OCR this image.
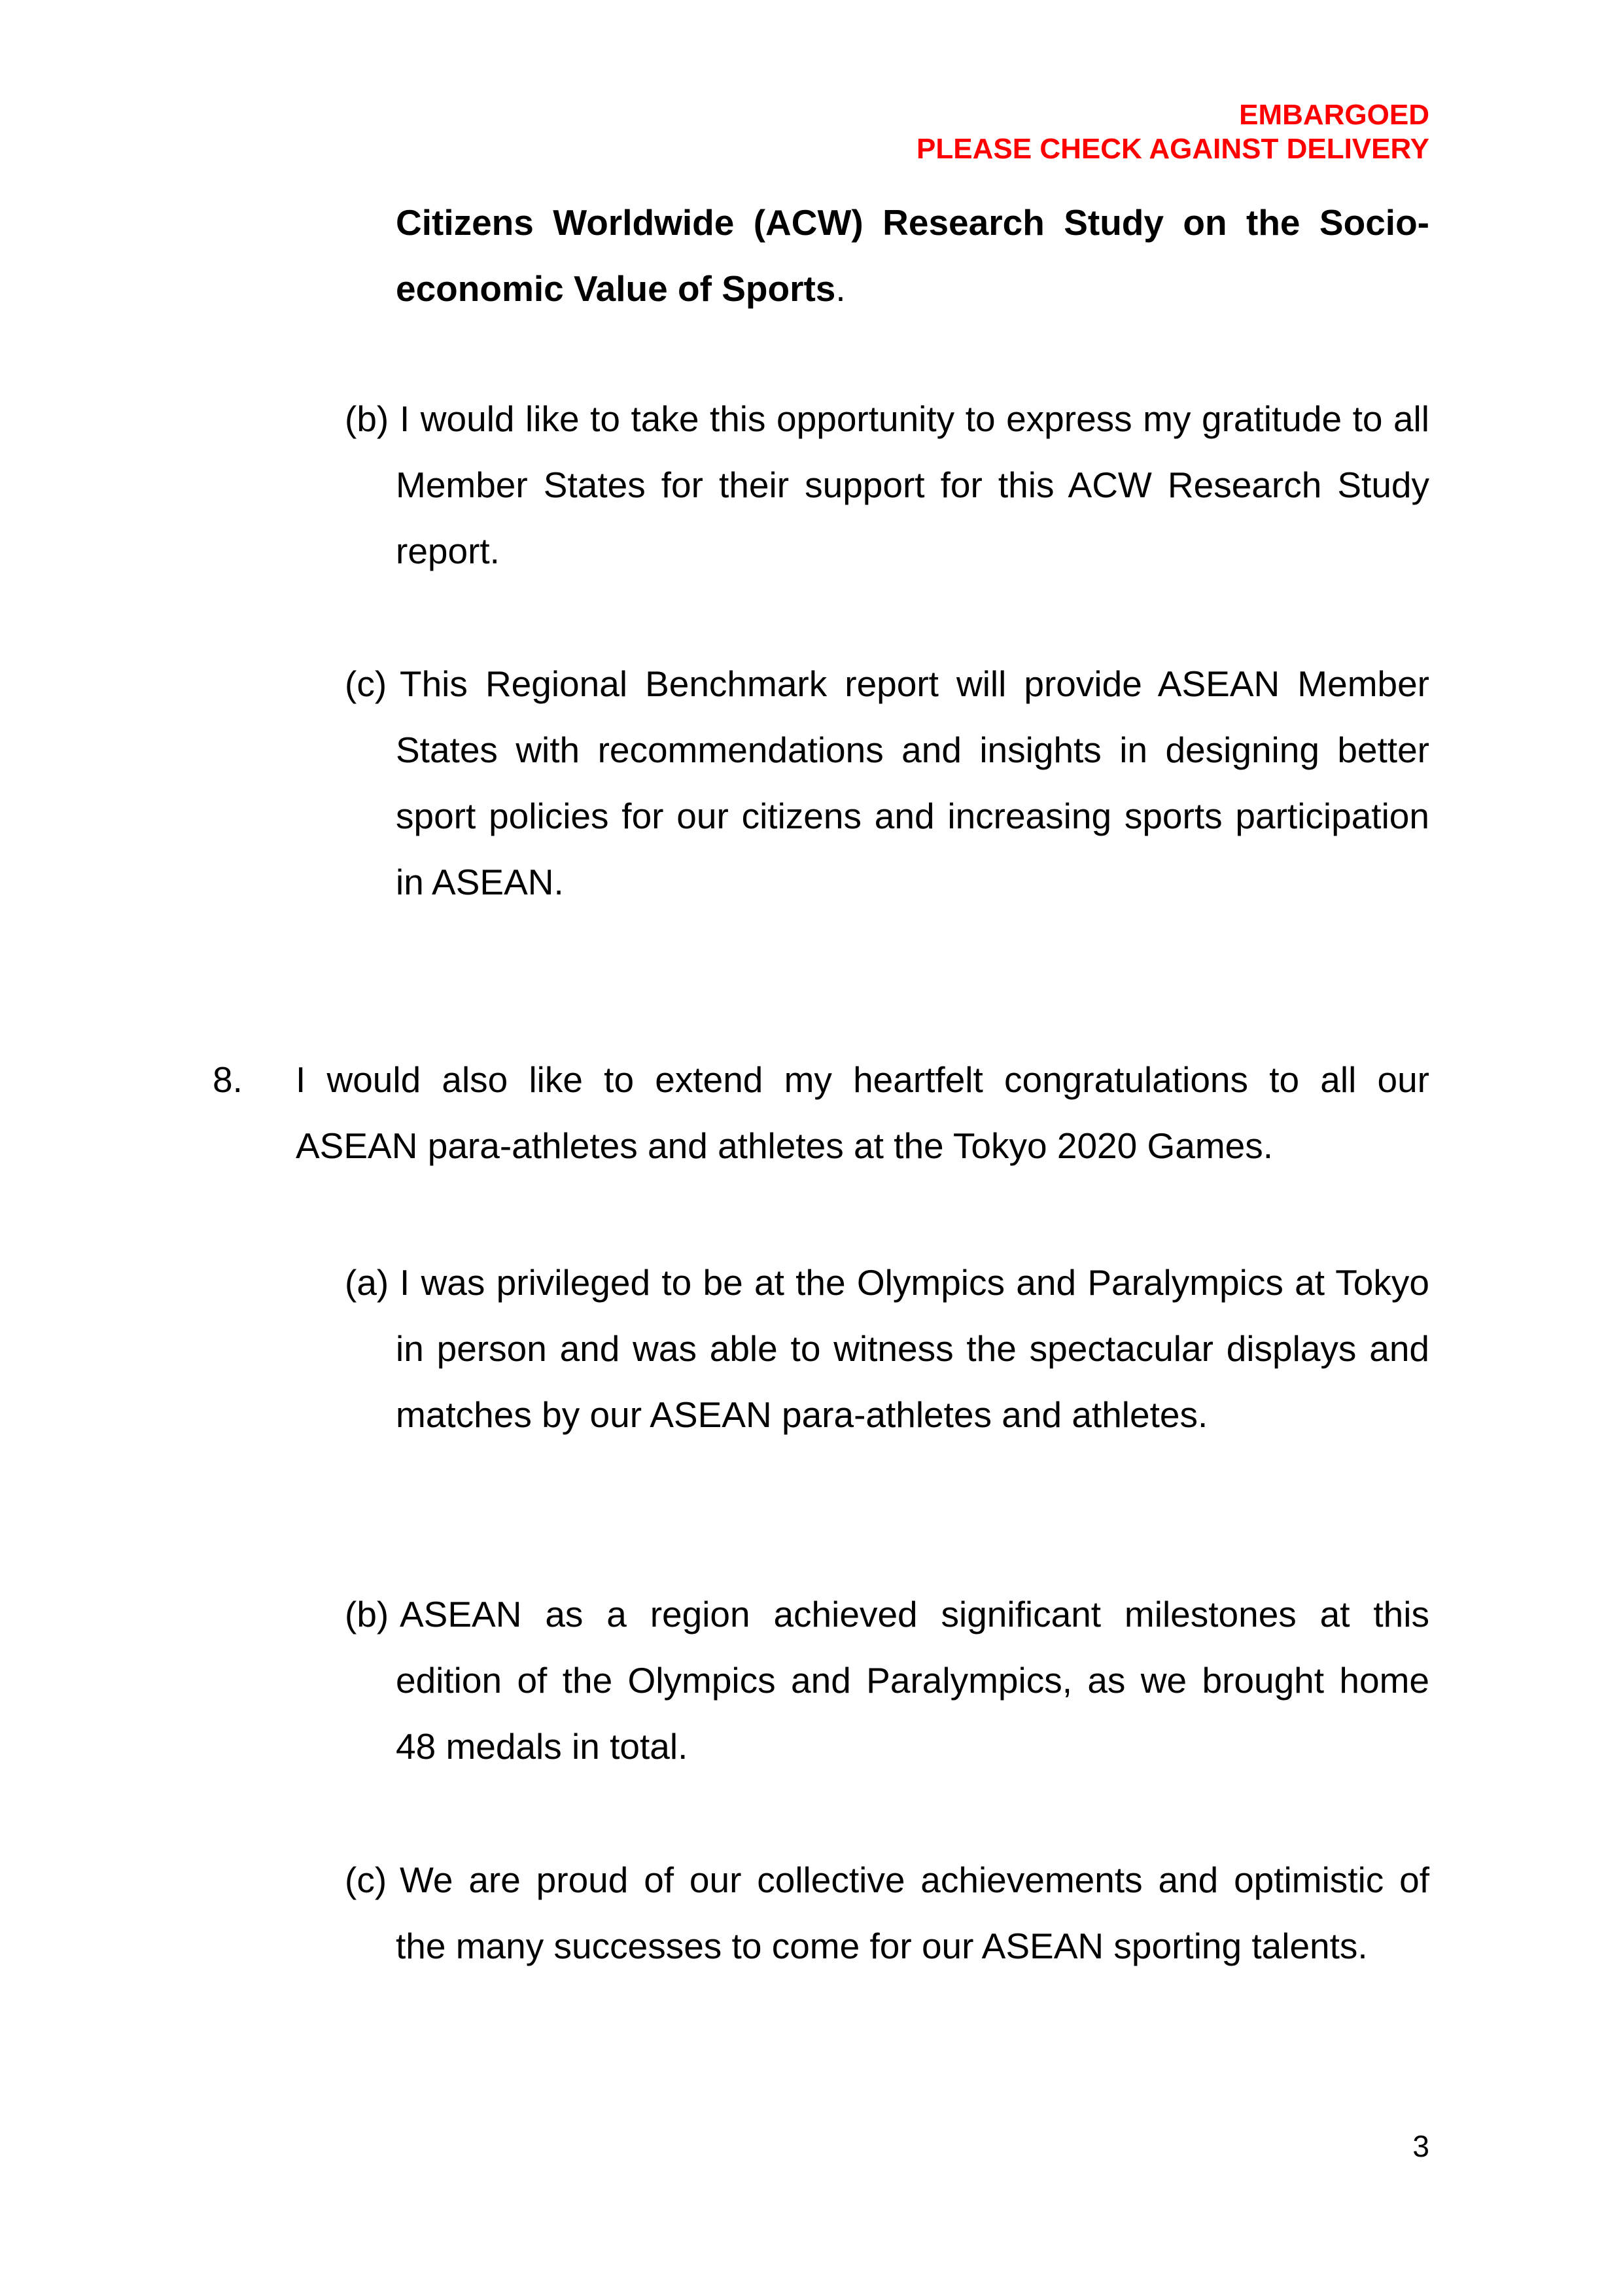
EMBARGOED
PLEASE CHECK AGAINST DELIVERY
Citizens Worldwide (ACW) Research Study on the Socio-economic Value of Sports.
(b) I would like to take this opportunity to express my gratitude to all Member States for their support for this ACW Research Study report.
(c) This Regional Benchmark report will provide ASEAN Member States with recommendations and insights in designing better sport policies for our citizens and increasing sports participation in ASEAN.
8. I would also like to extend my heartfelt congratulations to all our ASEAN para-athletes and athletes at the Tokyo 2020 Games.
(a) I was privileged to be at the Olympics and Paralympics at Tokyo in person and was able to witness the spectacular displays and matches by our ASEAN para-athletes and athletes.
(b) ASEAN as a region achieved significant milestones at this edition of the Olympics and Paralympics, as we brought home 48 medals in total.
(c) We are proud of our collective achievements and optimistic of the many successes to come for our ASEAN sporting talents.
3
